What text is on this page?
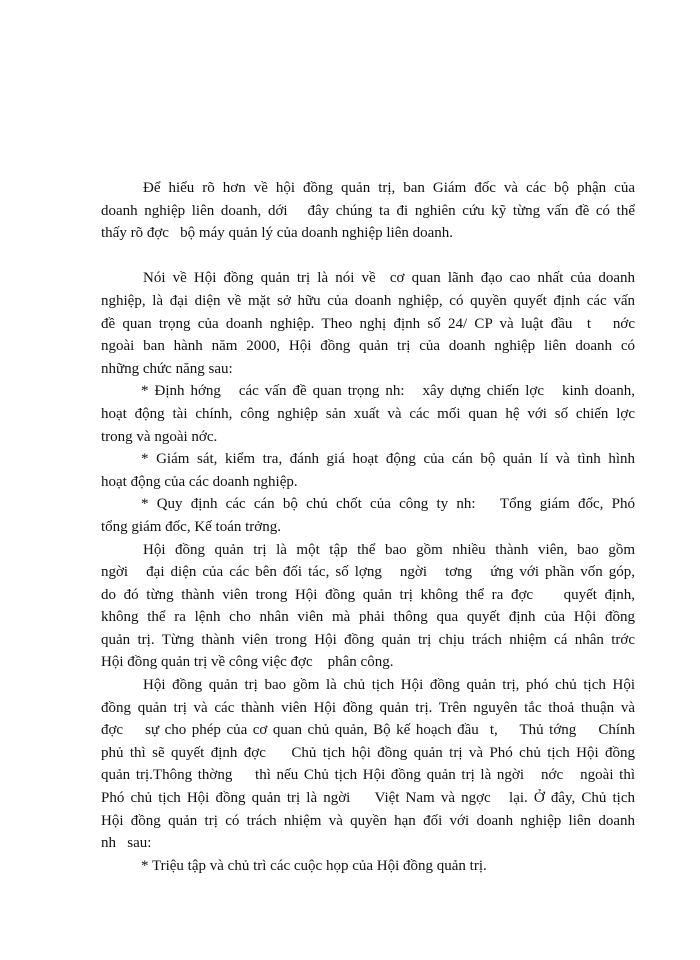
Để hiểu rõ hơn về hội đồng quản trị, ban Giám đốc và các bộ phận của
doanh nghiệp liên doanh, dới   đây chúng ta đi nghiên cứu kỹ từng vấn đề có thể
thấy rõ đợc   bộ máy quản lý của doanh nghiệp liên doanh.

Nói về Hội đồng quản trị là nói về  cơ quan lãnh đạo cao nhất của doanh
nghiệp, là đại diện về mặt sở hữu của doanh nghiệp, có quyền quyết định các vấn
đề quan trọng của doanh nghiệp. Theo nghị định số 24/ CP và luật đầu  t   nớc
ngoài ban hành năm 2000, Hội đồng quản trị của doanh nghiệp liên doanh có
những chức năng sau:
* Định hớng   các vấn đề quan trọng nh:   xây dựng chiến lợc   kinh doanh,
hoạt động tài chính, công nghiệp sản xuất và các mối quan hệ với số chiến lợc
trong và ngoài nớc.
* Giám sát, kiểm tra, đánh giá hoạt động của cán bộ quản lí và tình hình
hoạt động của các doanh nghiệp.
* Quy định các cán bộ chủ chốt của công ty nh:   Tổng giám đốc, Phó
tổng giám đốc, Kế toán trởng.
Hội đồng quản trị là một tập thể bao gồm nhiều thành viên, bao gồm
ngời   đại diện của các bên đối tác, số lợng   ngời   tơng   ứng với phần vốn góp,
do đó từng thành viên trong Hội đồng quản trị không thể ra đợc    quyết định,
không thể ra lệnh cho nhân viên mà phải thông qua quyết định của Hội đồng
quản trị. Từng thành viên trong Hội đồng quản trị chịu trách nhiệm cá nhân trớc
Hội đồng quản trị về công việc đợc    phân công.
Hội đồng quản trị bao gồm là chủ tịch Hội đồng quản trị, phó chủ tịch Hội
đồng quản trị và các thành viên Hội đồng quản trị. Trên nguyên tắc thoả thuận và
đợc    sự cho phép của cơ quan chủ quản, Bộ kế hoạch đầu  t,    Thủ tớng    Chính
phủ thì sẽ quyết định đợc    Chủ tịch hội đồng quản trị và Phó chủ tịch Hội đồng
quản trị.Thông thờng    thì nếu Chủ tịch Hội đồng quản trị là ngời   nớc   ngoài thì
Phó chủ tịch Hội đồng quản trị là ngời    Việt Nam và ngợc   lại. Ở đây, Chủ tịch
Hội đồng quản trị có trách nhiệm và quyền hạn đối với doanh nghiệp liên doanh
nh   sau:
* Triệu tập và chủ trì các cuộc họp của Hội đồng quản trị.
